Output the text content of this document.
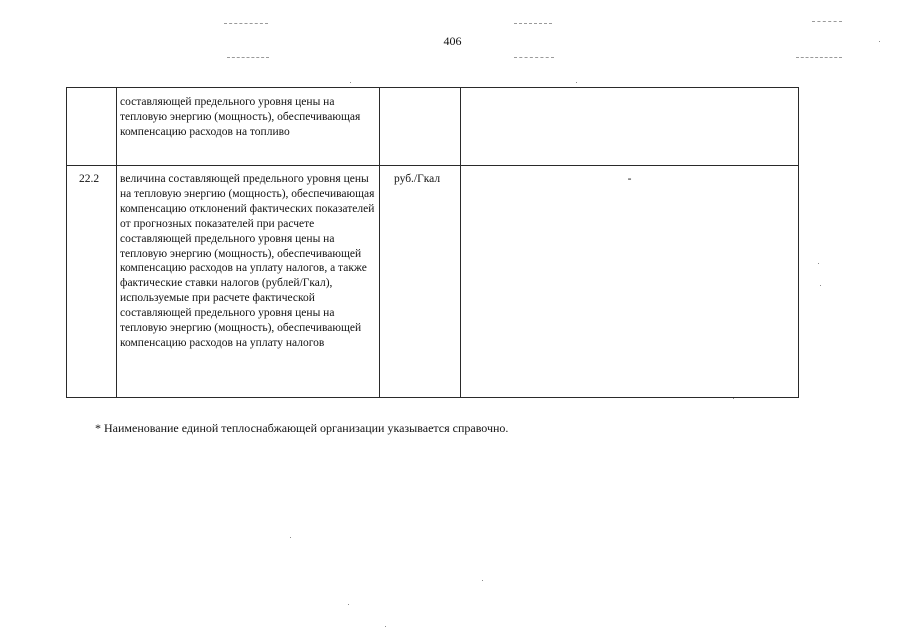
406
	составляющей предельного уровня цены на тепловую энергию (мощность), обеспечивающая компенсацию расходов на топливо		
22.2	величина составляющей предельного уровня цены на тепловую энергию (мощность), обеспечивающая компенсацию отклонений фактических показателей от прогнозных показателей при расчете составляющей предельного уровня цены на тепловую энергию (мощность), обеспечивающей компенсацию расходов на уплату налогов, а также фактические ставки налогов (рублей/Гкал), используемые при расчете фактической составляющей предельного уровня цены на тепловую энергию (мощность), обеспечивающей компенсацию расходов на уплату налогов	руб./Гкал	-
* Наименование единой теплоснабжающей организации указывается справочно.
